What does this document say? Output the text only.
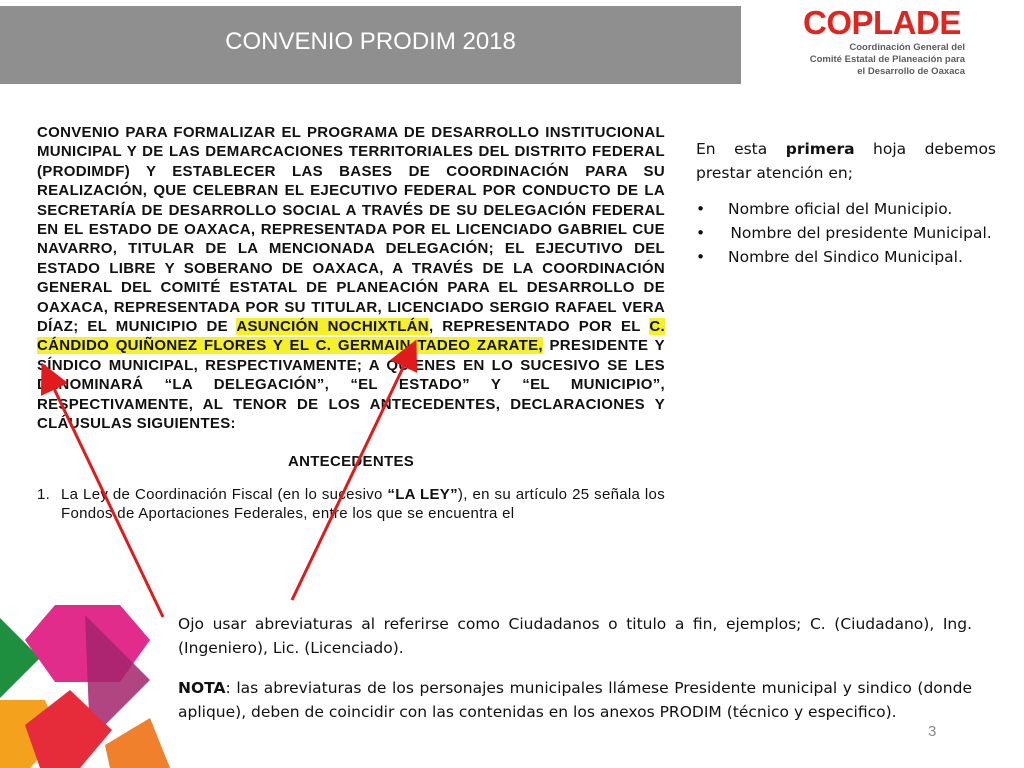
CONVENIO PRODIM 2018
COPLADE
Coordinación General del
Comité Estatal de Planeación para
el Desarrollo de Oaxaca

CONVENIO PARA FORMALIZAR EL PROGRAMA DE DESARROLLO INSTITUCIONAL MUNICIPAL Y DE LAS DEMARCACIONES TERRITORIALES DEL DISTRITO FEDERAL (PRODIMDF) Y ESTABLECER LAS BASES DE COORDINACIÓN PARA SU REALIZACIÓN, QUE CELEBRAN EL EJECUTIVO FEDERAL POR CONDUCTO DE LA SECRETARÍA DE DESARROLLO SOCIAL A TRAVÉS DE SU DELEGACIÓN FEDERAL EN EL ESTADO DE OAXACA, REPRESENTADA POR EL LICENCIADO GABRIEL CUE NAVARRO, TITULAR DE LA MENCIONADA DELEGACIÓN; EL EJECUTIVO DEL ESTADO LIBRE Y SOBERANO DE OAXACA, A TRAVÉS DE LA COORDINACIÓN GENERAL DEL COMITÉ ESTATAL DE PLANEACIÓN PARA EL DESARROLLO DE OAXACA, REPRESENTADA POR SU TITULAR, LICENCIADO SERGIO RAFAEL VERA DÍAZ; EL MUNICIPIO DE ASUNCIÓN NOCHIXTLÁN, REPRESENTADO POR EL C. CÁNDIDO QUIÑONEZ FLORES Y EL C. GERMAIN TADEO ZARATE, PRESIDENTE Y SÍNDICO MUNICIPAL, RESPECTIVAMENTE; A QUIENES EN LO SUCESIVO SE LES DENOMINARÁ “LA DELEGACIÓN”, “EL ESTADO” Y “EL MUNICIPIO”, RESPECTIVAMENTE, AL TENOR DE LOS ANTECEDENTES, DECLARACIONES Y CLÁUSULAS SIGUIENTES:

ANTECEDENTES

1. La Ley de Coordinación Fiscal (en lo sucesivo “LA LEY”), en su artículo 25 señala los Fondos de Aportaciones Federales, entre los que se encuentra el

En esta primera hoja debemos prestar atención en;

• Nombre oficial del Municipio.
• Nombre del presidente Municipal.
• Nombre del Sindico Municipal.

Ojo usar abreviaturas al referirse como Ciudadanos o titulo a fin, ejemplos; C. (Ciudadano), Ing. (Ingeniero), Lic. (Licenciado).

NOTA: las abreviaturas de los personajes municipales llámese Presidente municipal y sindico (donde aplique), deben de coincidir con las contenidas en los anexos PRODIM (técnico y especifico).

3
